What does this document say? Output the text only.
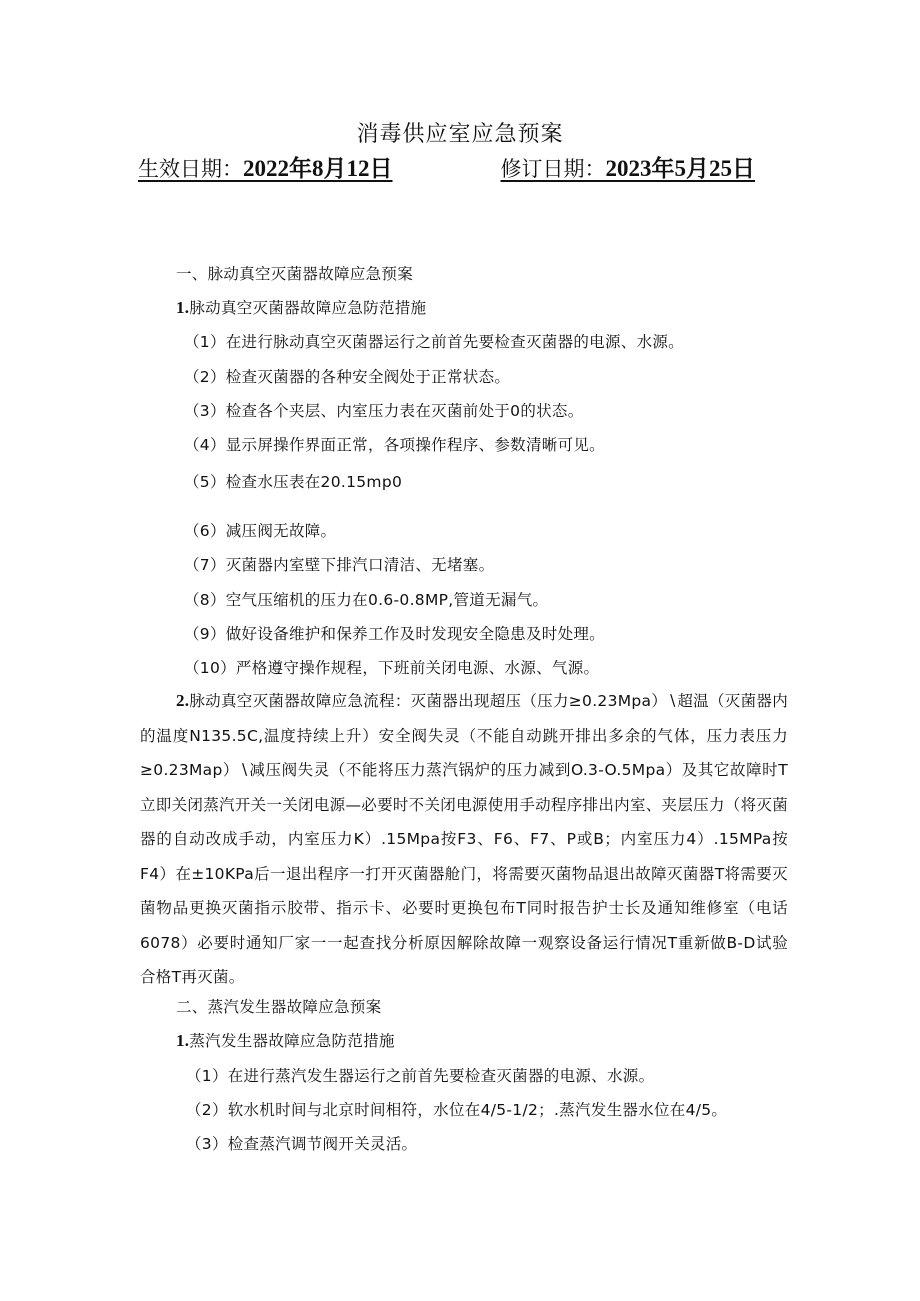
消毒供应室应急预案
生效日期：2022年8月12日	修订日期：2023年5月25日
一、脉动真空灭菌器故障应急预案
1.脉动真空灭菌器故障应急防范措施
（1）在进行脉动真空灭菌器运行之前首先要检查灭菌器的电源、水源。
（2）检查灭菌器的各种安全阀处于正常状态。
（3）检查各个夹层、内室压力表在灭菌前处于0的状态。
（4）显示屏操作界面正常，各项操作程序、参数清晰可见。
（5）检查水压表在20.15mp0
（6）减压阀无故障。
（7）灭菌器内室壁下排汽口清洁、无堵塞。
（8）空气压缩机的压力在0.6-0.8MP,管道无漏气。
（9）做好设备维护和保养工作及时发现安全隐患及时处理。
（10）严格遵守操作规程，下班前关闭电源、水源、气源。
2.脉动真空灭菌器故障应急流程：灭菌器出现超压（压力≥0.23Mpa）∖超温（灭菌器内的温度N135.5C,温度持续上升）安全阀失灵（不能自动跳开排出多余的气体，压力表压力≥0.23Map）∖减压阀失灵（不能将压力蒸汽锅炉的压力减到O.3-O.5Mpa）及其它故障时T立即关闭蒸汽开关一关闭电源—必要时不关闭电源使用手动程序排出内室、夹层压力（将灭菌器的自动改成手动，内室压力K）.15Mpa按F3、F6、F7、P或B；内室压力4）.15MPa按F4）在±10KPa后一退出程序一打开灭菌器舱门，将需要灭菌物品退出故障灭菌器T将需要灭菌物品更换灭菌指示胶带、指示卡、必要时更换包布T同时报告护士长及通知维修室（电话6078）必要时通知厂家一一起查找分析原因解除故障一观察设备运行情况T重新做B-D试验合格T再灭菌。
二、蒸汽发生器故障应急预案
1.蒸汽发生器故障应急防范措施
（1）在进行蒸汽发生器运行之前首先要检查灭菌器的电源、水源。
（2）软水机时间与北京时间相符，水位在4/5-1/2；.蒸汽发生器水位在4/5。
（3）检查蒸汽调节阀开关灵活。
